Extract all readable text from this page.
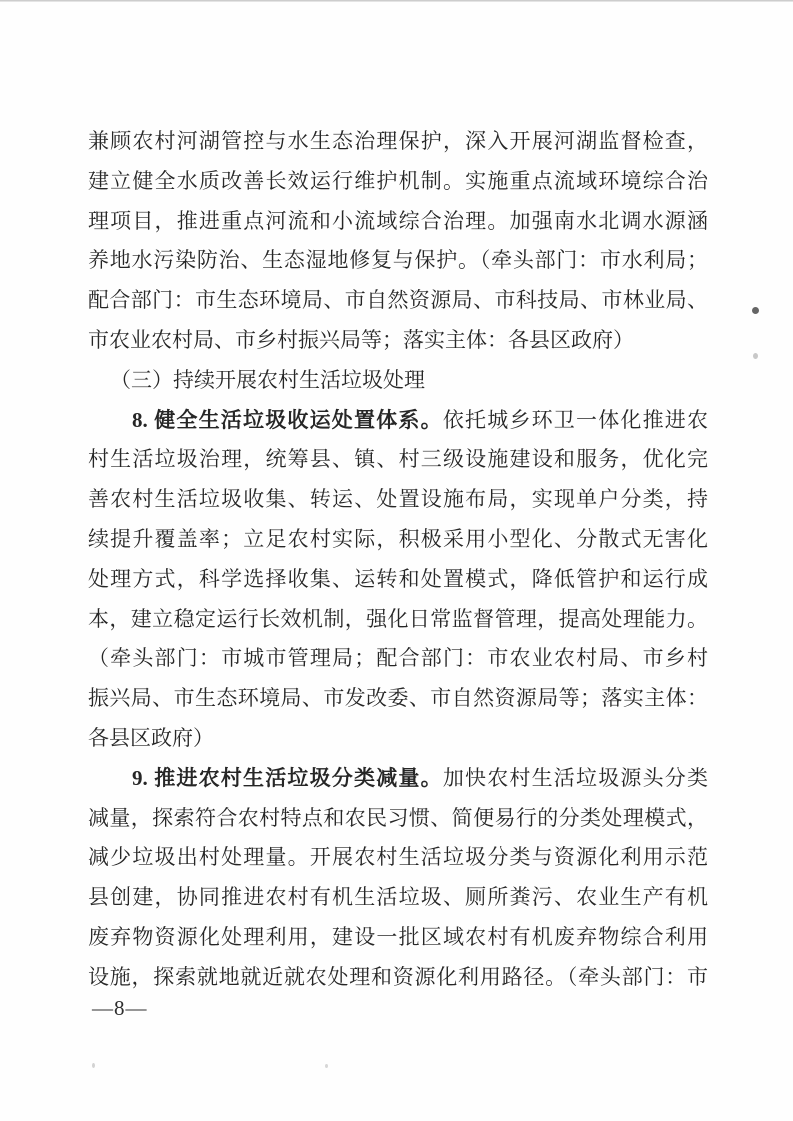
兼顾农村河湖管控与水生态治理保护，深入开展河湖监督检查，
建立健全水质改善长效运行维护机制。实施重点流域环境综合治
理项目，推进重点河流和小流域综合治理。加强南水北调水源涵
养地水污染防治、生态湿地修复与保护。（牵头部门：市水利局；
配合部门：市生态环境局、市自然资源局、市科技局、市林业局、
市农业农村局、市乡村振兴局等；落实主体：各县区政府）
（三）持续开展农村生活垃圾处理
8. 健全生活垃圾收运处置体系。依托城乡环卫一体化推进农
村生活垃圾治理，统筹县、镇、村三级设施建设和服务，优化完
善农村生活垃圾收集、转运、处置设施布局，实现单户分类，持
续提升覆盖率；立足农村实际，积极采用小型化、分散式无害化
处理方式，科学选择收集、运转和处置模式，降低管护和运行成
本，建立稳定运行长效机制，强化日常监督管理，提高处理能力。
（牵头部门：市城市管理局；配合部门：市农业农村局、市乡村
振兴局、市生态环境局、市发改委、市自然资源局等；落实主体：
各县区政府）
9. 推进农村生活垃圾分类减量。加快农村生活垃圾源头分类
减量，探索符合农村特点和农民习惯、简便易行的分类处理模式，
减少垃圾出村处理量。开展农村生活垃圾分类与资源化利用示范
县创建，协同推进农村有机生活垃圾、厕所粪污、农业生产有机
废弃物资源化处理利用，建设一批区域农村有机废弃物综合利用
设施，探索就地就近就农处理和资源化利用路径。（牵头部门：市
—8—
